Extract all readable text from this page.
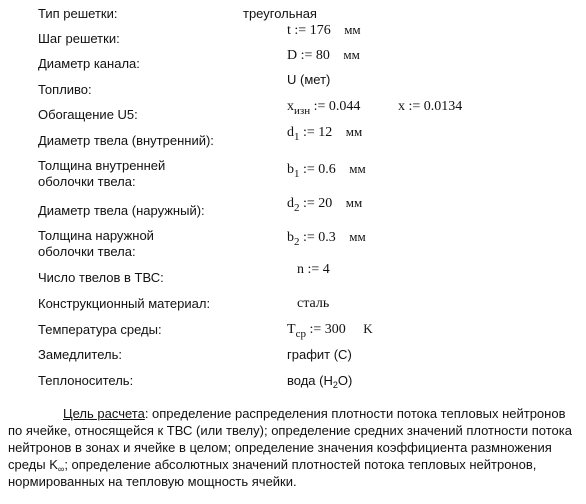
Тип решетки:	треугольная
Шаг решетки:
t := 176 мм
Диаметр канала:
D := 80 мм
Топливо:
U (мет)
Обогащение U5:
$x_{изн}$ := 0.044	x := 0.0134
Диаметр твела (внутренний):
$d_1$ := 12 мм
Толщина внутренней
оболочки твела:
$b_1$ := 0.6 мм
Диаметр твела (наружный):	$d_2$ := 20 мм
Толщина наружной
оболочки твела:
$b_2$ := 0.3 мм
Число твелов в ТВС:
n := 4
Конструкционный материал:	сталь
Температура среды:	$T_{ср}$ := 300 K
Замедлитель:	графит (C)
Теплоноситель:	вода $(H_2O)$
Цель расчета: определение распределения плотности потока тепловых нейтронов по ячейке, относящейся к ТВС (или твелу); определение средних значений плотности потока нейтронов в зонах и ячейке в целом; определение значения коэффициента размножения среды $K_\infty$; определение абсолютных значений плотностей потока тепловых нейтронов, нормированных на тепловую мощность ячейки.
